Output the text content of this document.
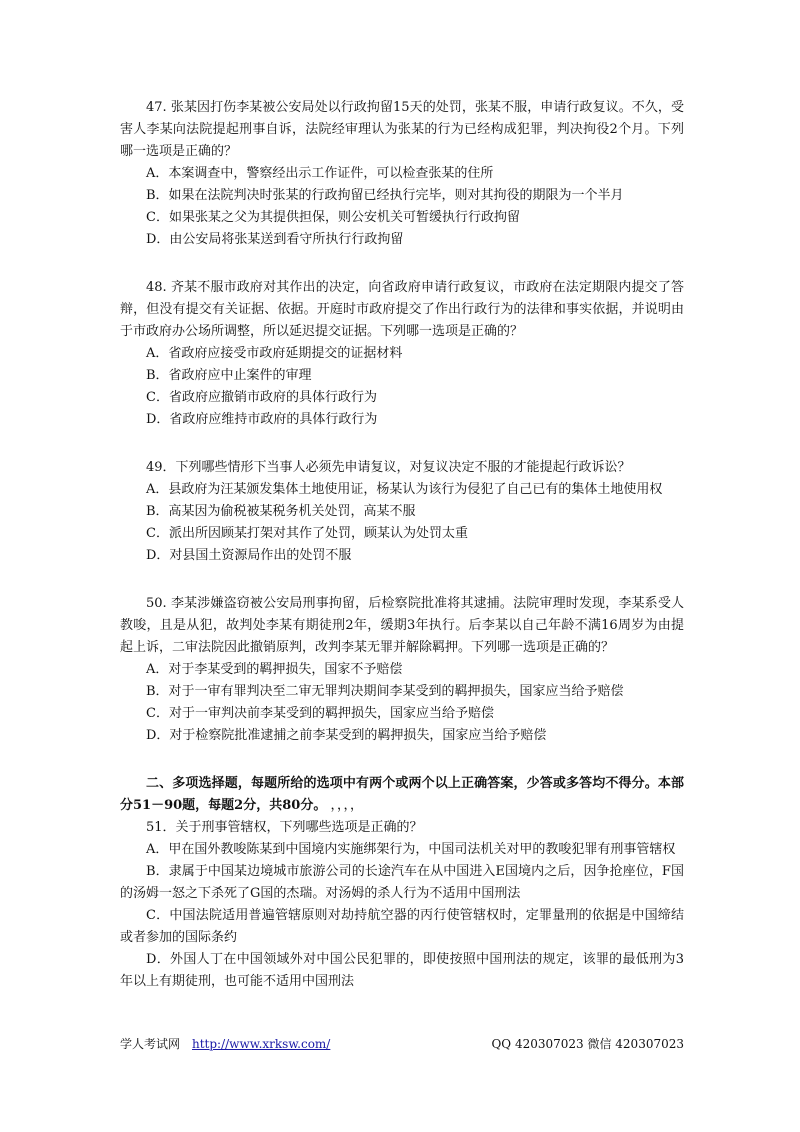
47. 张某因打伤李某被公安局处以行政拘留15天的处罚，张某不服，申请行政复议。不久，受害人李某向法院提起刑事自诉，法院经审理认为张某的行为已经构成犯罪，判决拘役2个月。下列哪一选项是正确的？

A．本案调查中，警察经出示工作证件，可以检查张某的住所

B．如果在法院判决时张某的行政拘留已经执行完毕，则对其拘役的期限为一个半月

C．如果张某之父为其提供担保，则公安机关可暂缓执行行政拘留

D．由公安局将张某送到看守所执行行政拘留

48. 齐某不服市政府对其作出的决定，向省政府申请行政复议，市政府在法定期限内提交了答辩，但没有提交有关证据、依据。开庭时市政府提交了作出行政行为的法律和事实依据，并说明由于市政府办公场所调整，所以延迟提交证据。下列哪一选项是正确的？

A．省政府应接受市政府延期提交的证据材料

B．省政府应中止案件的审理

C．省政府应撤销市政府的具体行政行为

D．省政府应维持市政府的具体行政行为

49．下列哪些情形下当事人必须先申请复议，对复议决定不服的才能提起行政诉讼？

A．县政府为汪某颁发集体土地使用证，杨某认为该行为侵犯了自己已有的集体土地使用权

B．高某因为偷税被某税务机关处罚，高某不服

C．派出所因顾某打架对其作了处罚，顾某认为处罚太重

D．对县国土资源局作出的处罚不服

50. 李某涉嫌盗窃被公安局刑事拘留，后检察院批准将其逮捕。法院审理时发现，李某系受人教唆，且是从犯，故判处李某有期徒刑2年，缓期3年执行。后李某以自己年龄不满16周岁为由提起上诉，二审法院因此撤销原判，改判李某无罪并解除羁押。下列哪一选项是正确的？

A．对于李某受到的羁押损失，国家不予赔偿

B．对于一审有罪判决至二审无罪判决期间李某受到的羁押损失，国家应当给予赔偿

C．对于一审判决前李某受到的羁押损失，国家应当给予赔偿

D．对于检察院批准逮捕之前李某受到的羁押损失，国家应当给予赔偿

二、多项选择题，每题所给的选项中有两个或两个以上正确答案，少答或多答均不得分。本部分51－90题，每题2分，共80分。 ，，，，

51．关于刑事管辖权，下列哪些选项是正确的？

A．甲在国外教唆陈某到中国境内实施绑架行为，中国司法机关对甲的教唆犯罪有刑事管辖权

B．隶属于中国某边境城市旅游公司的长途汽车在从中国进入E国境内之后，因争抢座位，F国的汤姆一怒之下杀死了G国的杰瑞。对汤姆的杀人行为不适用中国刑法

C．中国法院适用普遍管辖原则对劫持航空器的丙行使管辖权时，定罪量刑的依据是中国缔结或者参加的国际条约

D．外国人丁在中国领域外对中国公民犯罪的，即使按照中国刑法的规定，该罪的最低刑为3年以上有期徒刑，也可能不适用中国刑法

学人考试网 http://www.xrksw.com/	QQ 420307023 微信 420307023
